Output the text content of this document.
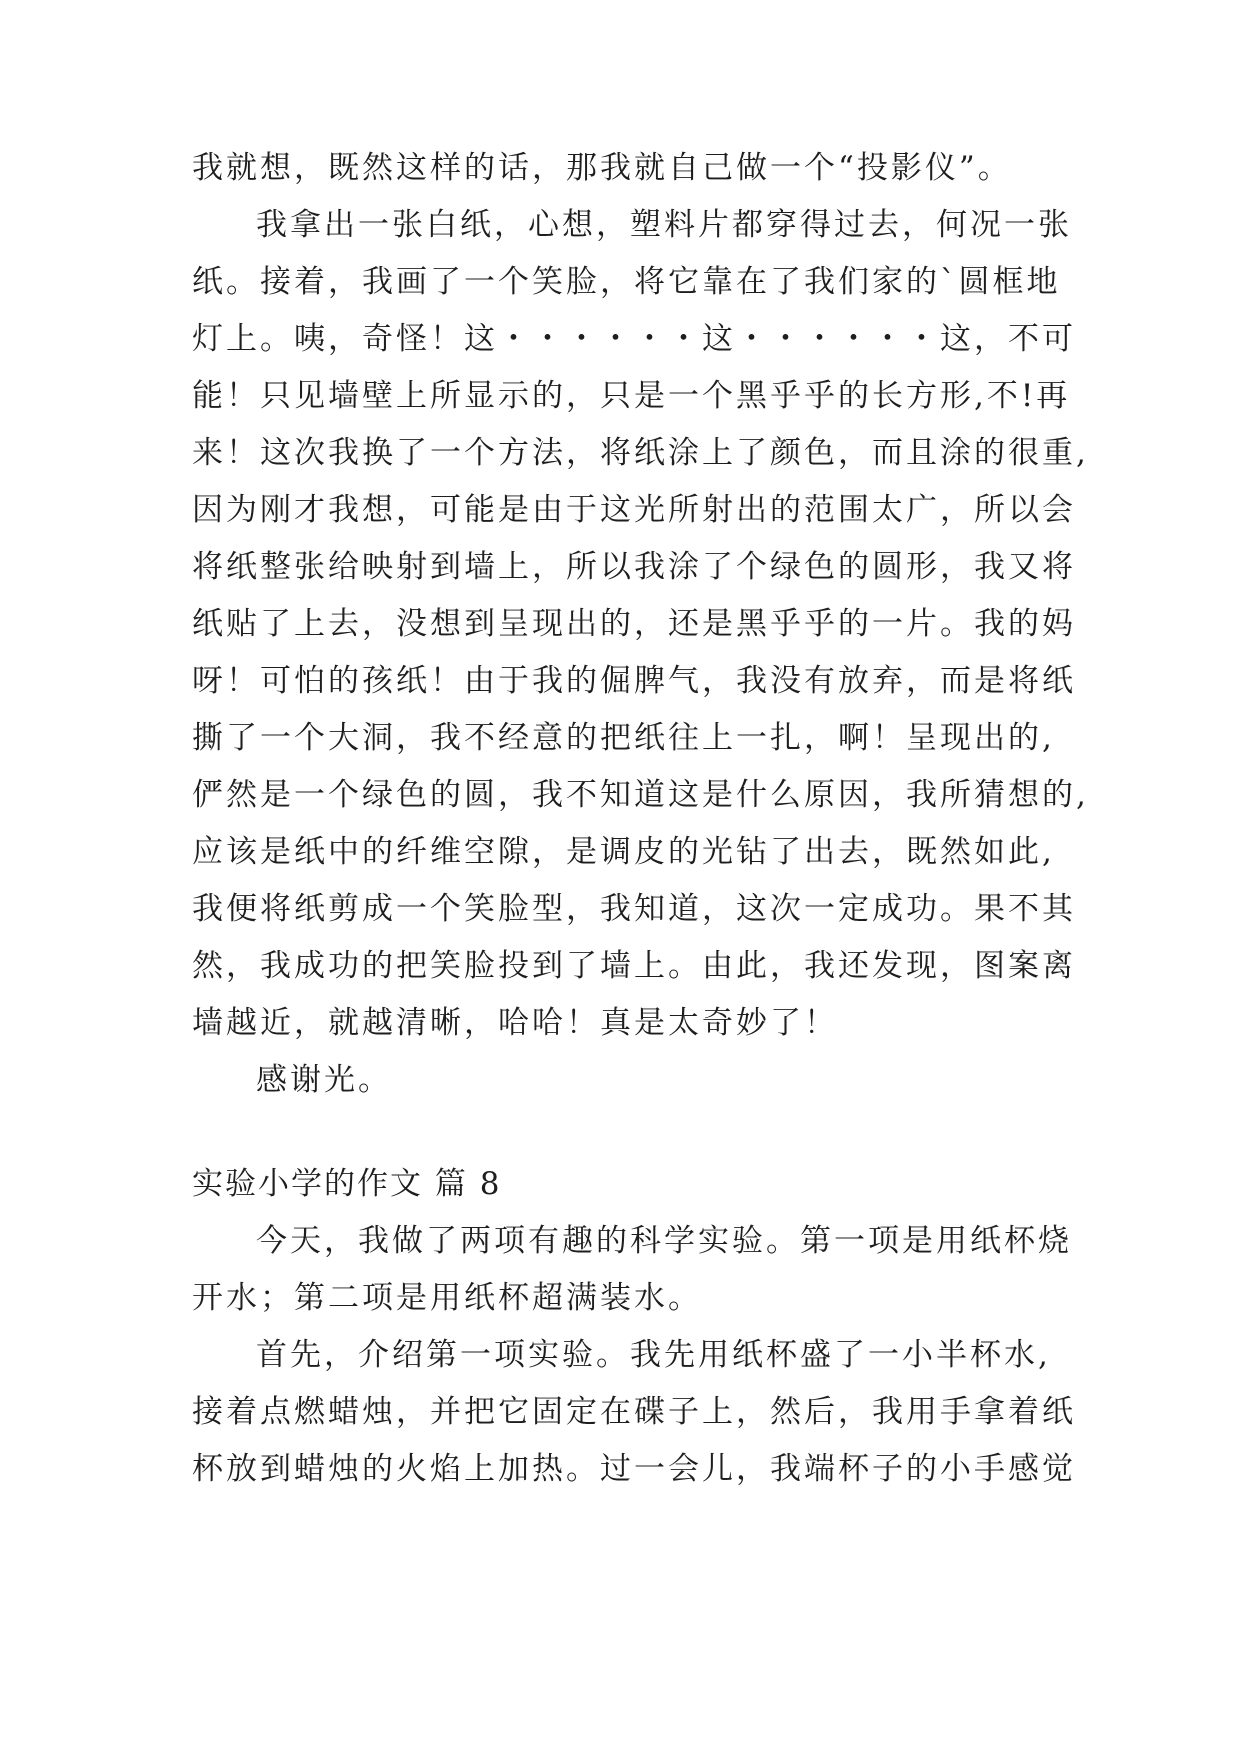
我就想，既然这样的话，那我就自己做一个“投影仪”。
我拿出一张白纸，心想，塑料片都穿得过去，何况一张
纸。接着，我画了一个笑脸，将它靠在了我们家的`圆框地
灯上。咦，奇怪！这・・・・・・这・・・・・・这，不可
能！只见墙壁上所显示的，只是一个黑乎乎的长方形,不!再
来！这次我换了一个方法，将纸涂上了颜色，而且涂的很重,
因为刚才我想，可能是由于这光所射出的范围太广，所以会
将纸整张给映射到墙上，所以我涂了个绿色的圆形，我又将
纸贴了上去，没想到呈现出的，还是黑乎乎的一片。我的妈
呀！可怕的孩纸！由于我的倔脾气，我没有放弃，而是将纸
撕了一个大洞，我不经意的把纸往上一扎，啊！呈现出的,
俨然是一个绿色的圆，我不知道这是什么原因，我所猜想的,
应该是纸中的纤维空隙，是调皮的光钻了出去，既然如此,
我便将纸剪成一个笑脸型，我知道，这次一定成功。果不其
然，我成功的把笑脸投到了墙上。由此，我还发现，图案离
墙越近，就越清晰，哈哈！真是太奇妙了！
感谢光。
实验小学的作文 篇 8
今天，我做了两项有趣的科学实验。第一项是用纸杯烧
开水；第二项是用纸杯超满装水。
首先，介绍第一项实验。我先用纸杯盛了一小半杯水,
接着点燃蜡烛，并把它固定在碟子上，然后，我用手拿着纸
杯放到蜡烛的火焰上加热。过一会儿，我端杯子的小手感觉
